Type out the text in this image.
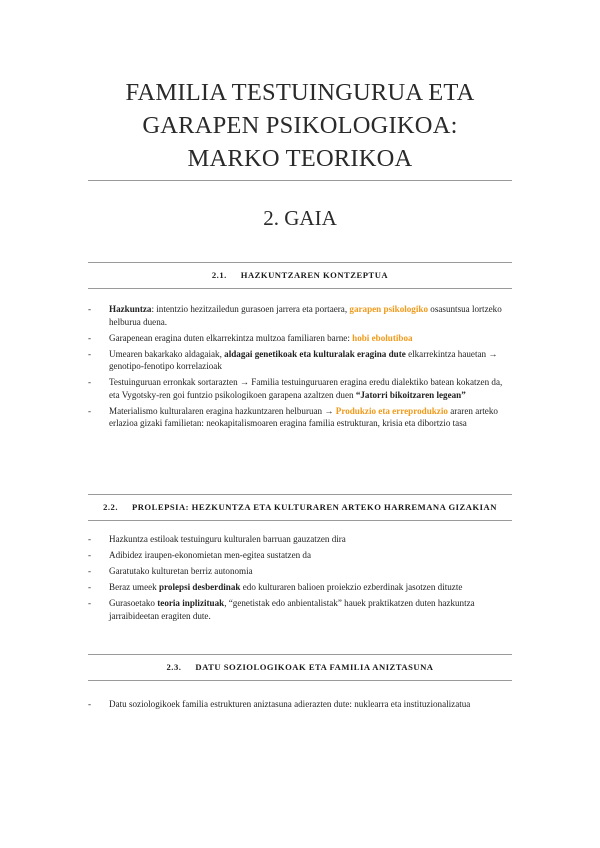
FAMILIA TESTUINGURUA ETA
GARAPEN PSIKOLOGIKOA:
MARKO TEORIKOA
2. GAIA
2.1. HAZKUNTZAREN KONTZEPTUA
- Hazkuntza: intentzio hezitzailedun gurasoen jarrera eta portaera, garapen psikologiko osasuntsua lortzeko helburua duena.
- Garapenean eragina duten elkarrekintza multzoa familiaren barne: hobi ebolutiboa
- Umearen bakarkako aldagaiak, aldagai genetikoak eta kulturalak eragina dute elkarrekintza hauetan → genotipo-fenotipo korrelazioak
- Testuinguruan erronkak sortarazten → Familia testuinguruaren eragina eredu dialektiko batean kokatzen da, eta Vygotsky-ren goi funtzio psikologikoen garapena azaltzen duen “Jatorri bikoitzaren legean”
- Materialismo kulturalaren eragina hazkuntzaren helburuan → Produkzio eta erreprodukzio araren arteko erlazioa gizaki familietan: neokapitalismoaren eragina familia estrukturan, krisia eta dibortzio tasa
2.2. PROLEPSIA: HEZKUNTZA ETA KULTURAREN ARTEKO HARREMANA GIZAKIAN
- Hazkuntza estiloak testuinguru kulturalen barruan gauzatzen dira
- Adibidez iraupen-ekonomietan men-egitea sustatzen da
- Garatutako kulturetan berriz autonomia
- Beraz umeek prolepsi desberdinak edo kulturaren balioen proiekzio ezberdinak jasotzen dituzte
- Gurasoetako teoria inplizituak, “genetistak edo anbientalistak” hauek praktikatzen duten hazkuntza jarraibideetan eragiten dute.
2.3. DATU SOZIOLOGIKOAK ETA FAMILIA ANIZTASUNA
- Datu soziologikoek familia estrukturen aniztasuna adierazten dute: nuklearra eta instituzionalizatua
